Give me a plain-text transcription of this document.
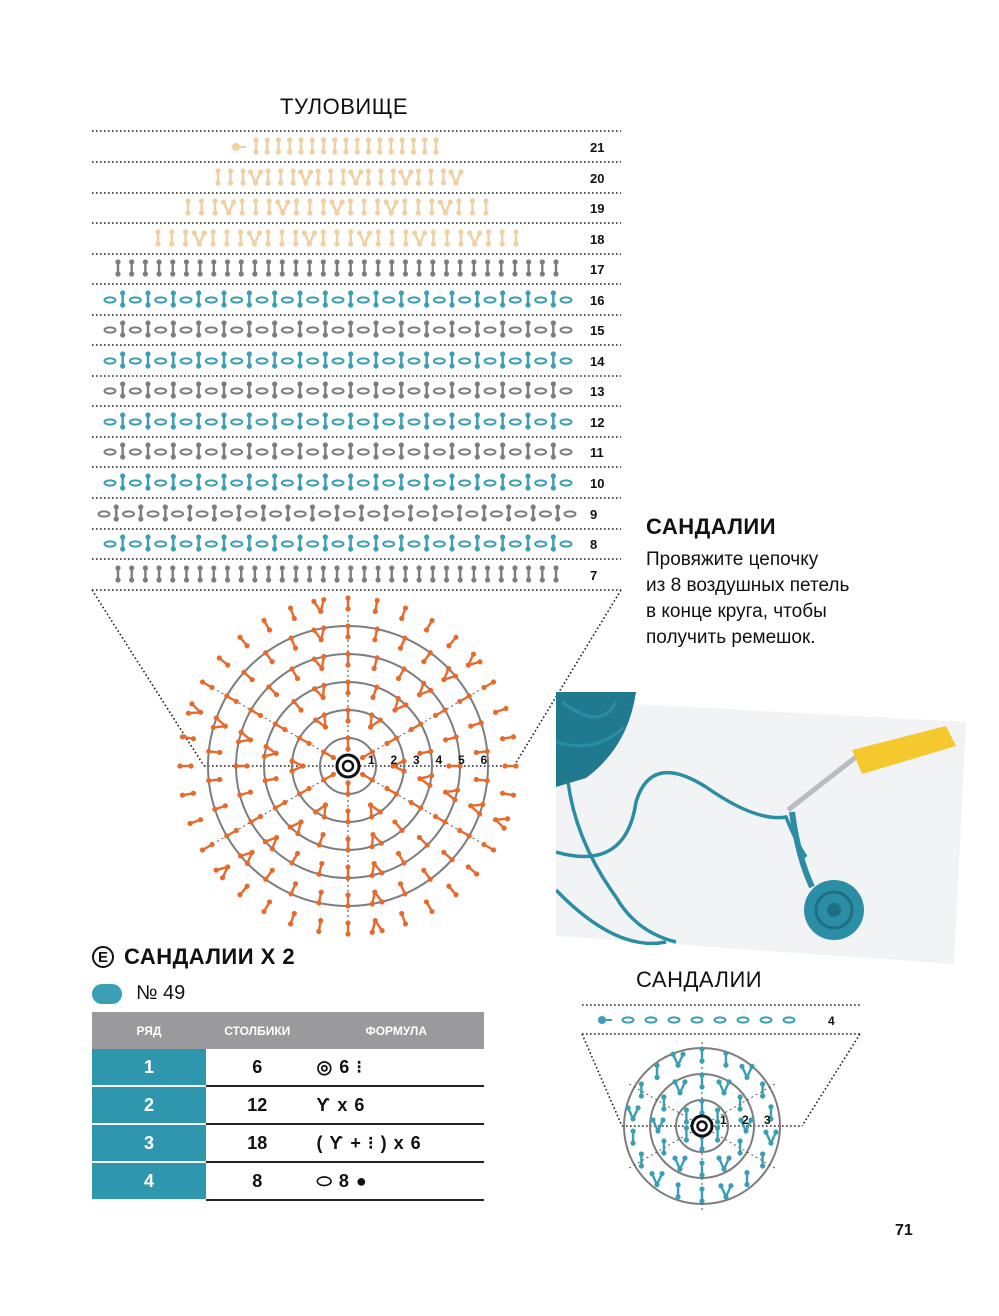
ТУЛОВИЩЕ
21
20
19
18
17
16
15
14
13
12
11
10
9
8
7
1 2 3 4 5 6
4
1 2 3
САНДАЛИИ
Провяжите цепочку
из 8 воздушных петель
в конце круга, чтобы
получить ремешок.
E САНДАЛИИ X 2
№ 49
РЯД	СТОЛБИКИ	ФОРМУЛА
1	6	◎ 6 ⁝
2	12	Ƴ x 6
3	18	( Ƴ + ⁝ ) x 6
4	8	⬭ 8 ●
САНДАЛИИ
71
